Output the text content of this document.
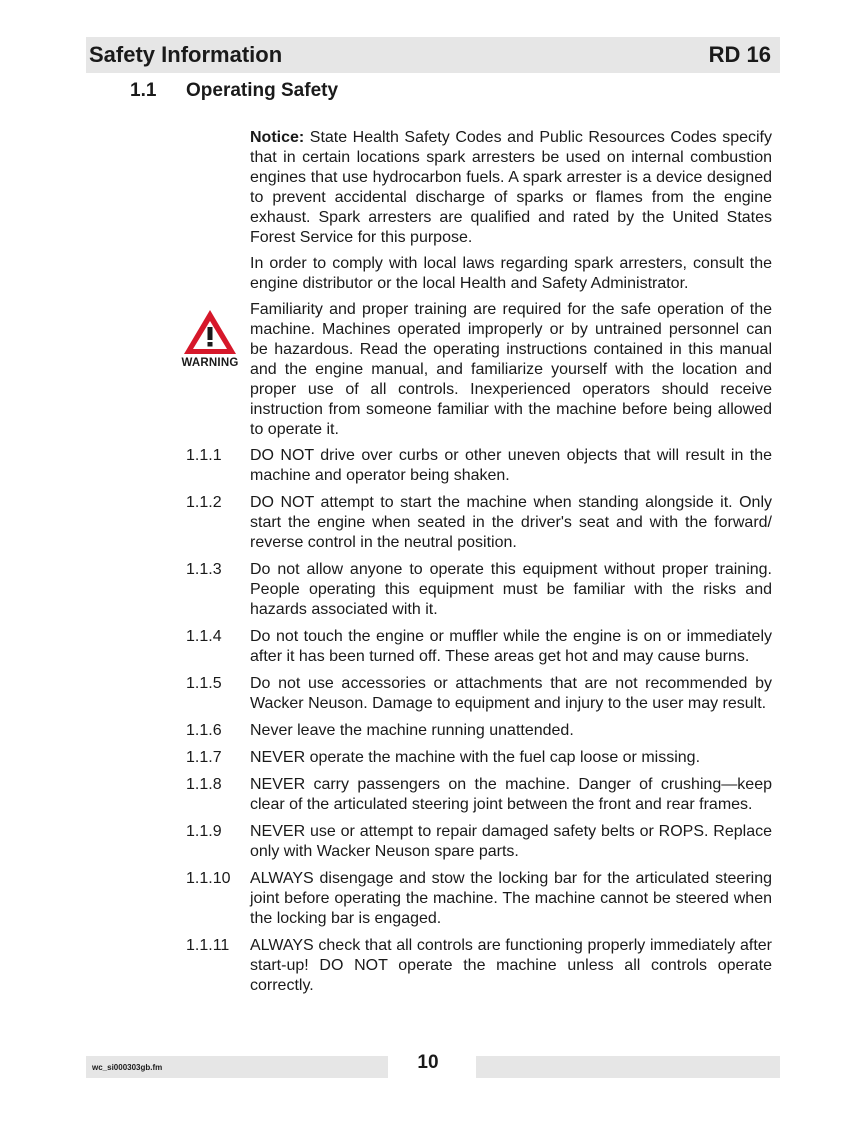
Safety Information	RD 16
1.1 Operating Safety

Notice: State Health Safety Codes and Public Resources Codes specify that in certain locations spark arresters be used on internal combustion engines that use hydrocarbon fuels. A spark arrester is a device designed to prevent accidental discharge of sparks or flames from the engine exhaust. Spark arresters are qualified and rated by the United States Forest Service for this purpose.

In order to comply with local laws regarding spark arresters, consult the engine distributor or the local Health and Safety Administrator.

WARNING

Familiarity and proper training are required for the safe operation of the machine. Machines operated improperly or by untrained personnel can be hazardous. Read the operating instructions contained in this manual and the engine manual, and familiarize yourself with the location and proper use of all controls. Inexperienced operators should receive instruction from someone familiar with the machine before being allowed to operate it.

1.1.1 DO NOT drive over curbs or other uneven objects that will result in the machine and operator being shaken.
1.1.2 DO NOT attempt to start the machine when standing alongside it. Only start the engine when seated in the driver's seat and with the forward/ reverse control in the neutral position.
1.1.3 Do not allow anyone to operate this equipment without proper training. People operating this equipment must be familiar with the risks and hazards associated with it.
1.1.4 Do not touch the engine or muffler while the engine is on or immediately after it has been turned off. These areas get hot and may cause burns.
1.1.5 Do not use accessories or attachments that are not recommended by Wacker Neuson. Damage to equipment and injury to the user may result.
1.1.6 Never leave the machine running unattended.
1.1.7 NEVER operate the machine with the fuel cap loose or missing.
1.1.8 NEVER carry passengers on the machine. Danger of crushing—keep clear of the articulated steering joint between the front and rear frames.
1.1.9 NEVER use or attempt to repair damaged safety belts or ROPS. Replace only with Wacker Neuson spare parts.
1.1.10 ALWAYS disengage and stow the locking bar for the articulated steering joint before operating the machine. The machine cannot be steered when the locking bar is engaged.
1.1.11 ALWAYS check that all controls are functioning properly immediately after start-up! DO NOT operate the machine unless all controls operate correctly.
wc_si000303gb.fm	10
